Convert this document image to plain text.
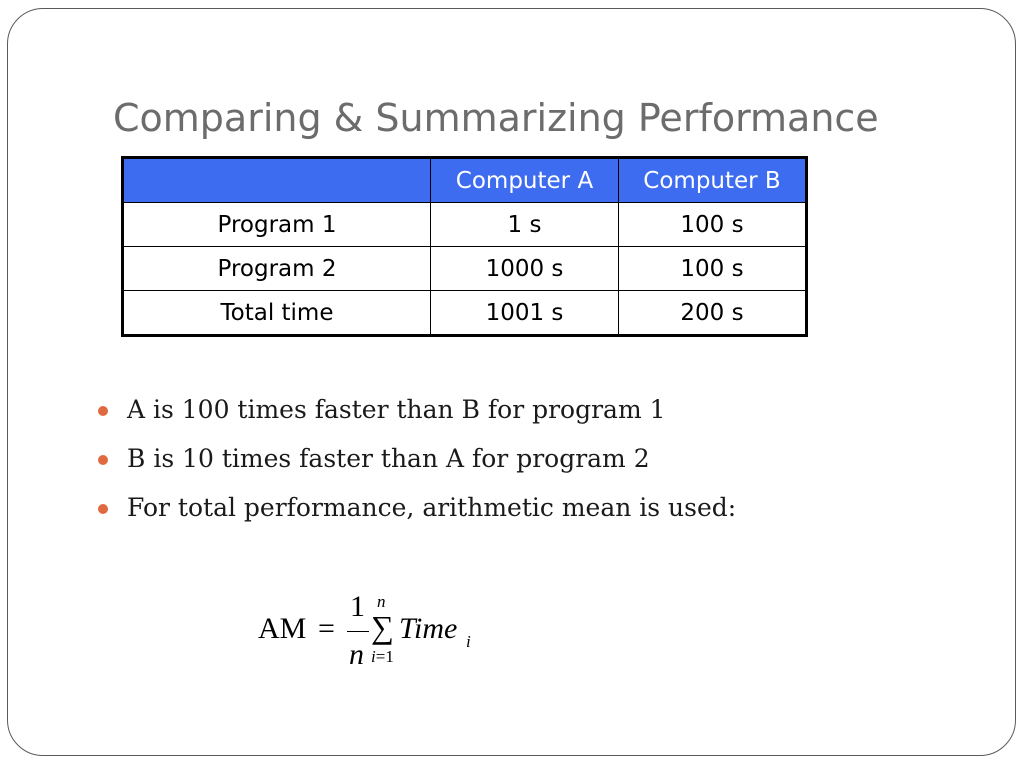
Comparing & Summarizing Performance
	Computer A	Computer B
Program 1	1 s	100 s
Program 2	1000 s	100 s
Total time	1001 s	200 s
A is 100 times faster than B for program 1
B is 10 times faster than A for program 2
For total performance, arithmetic mean is used:
AM =
1
n
n
∑
i=1
Time i
